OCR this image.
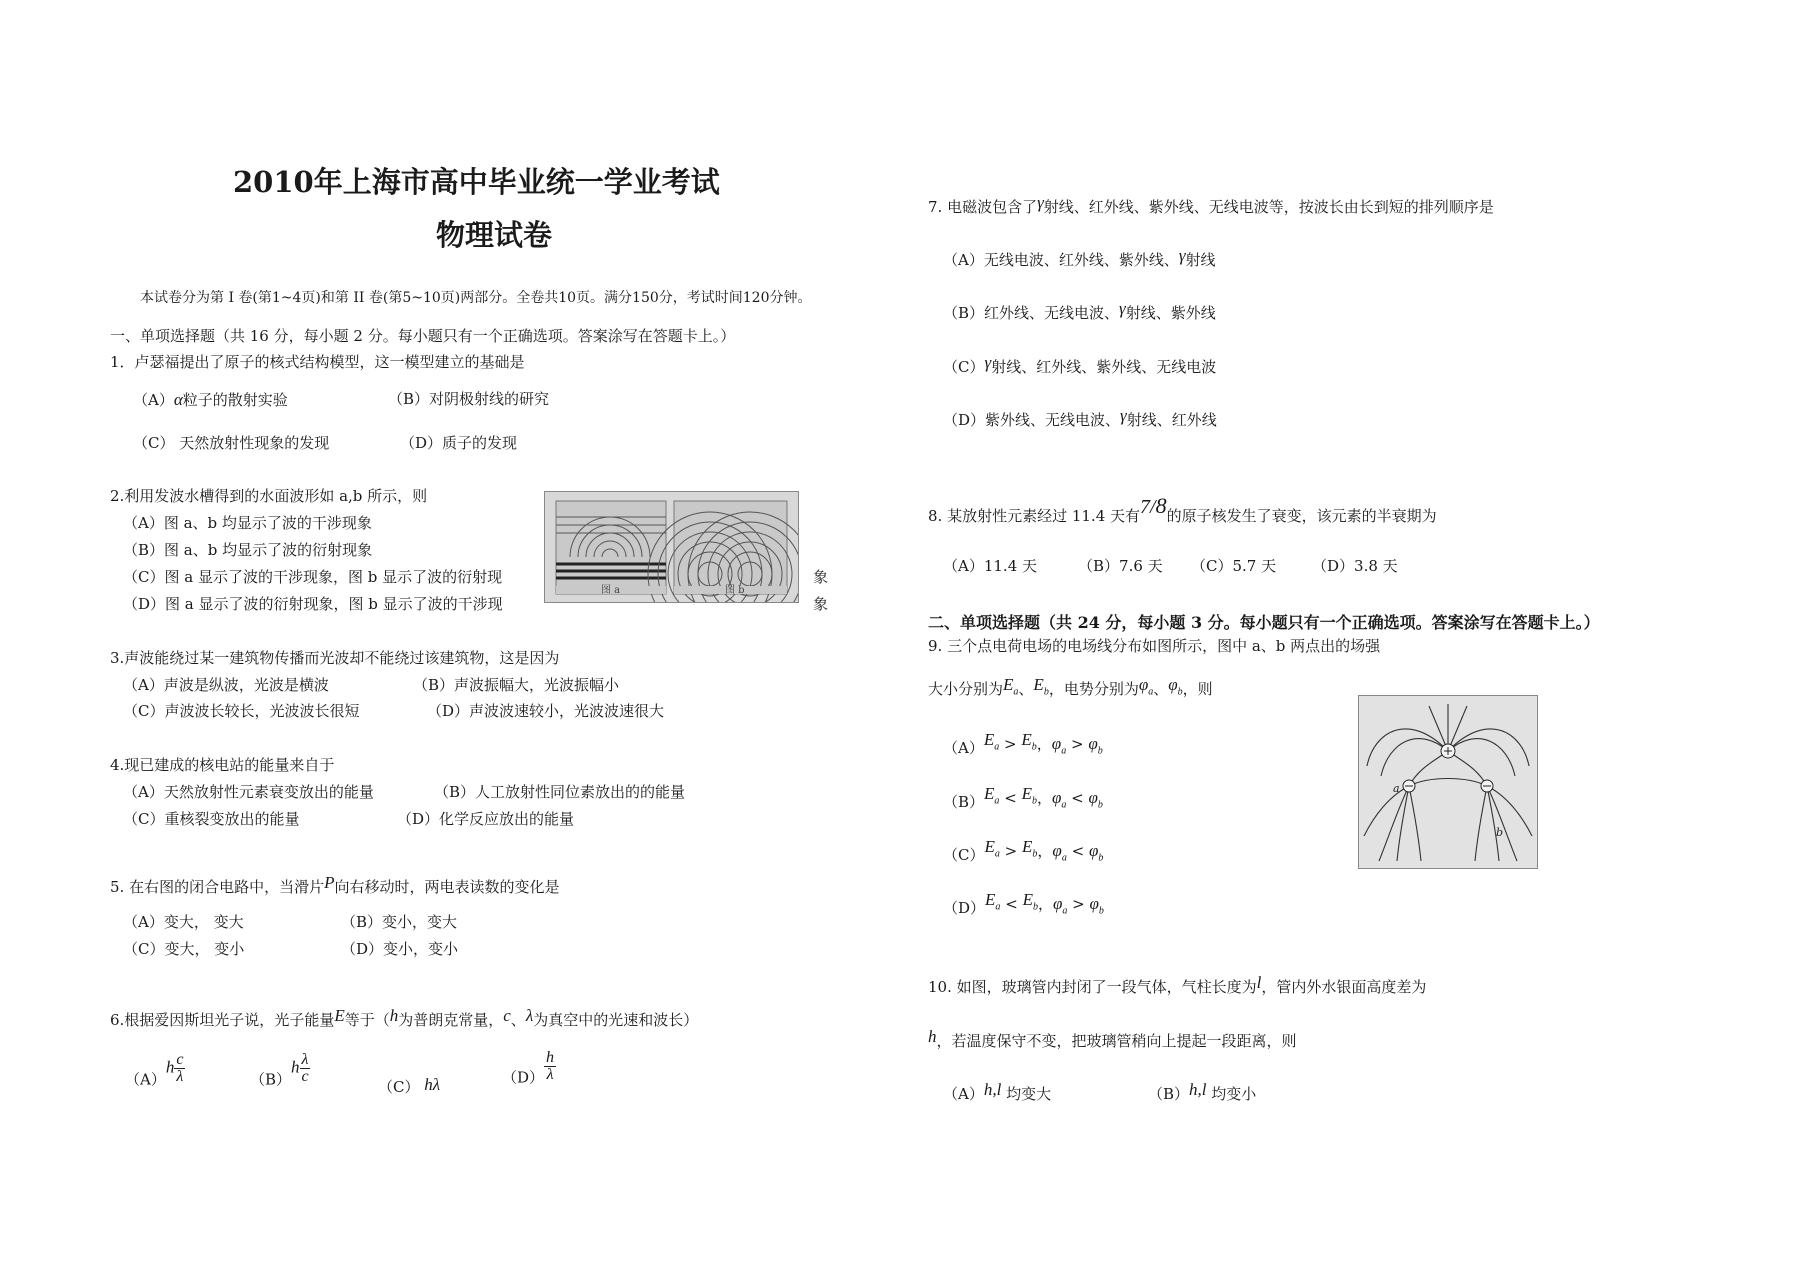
2010年上海市高中毕业统一学业考试
物理试卷
本试卷分为第 I 卷(第1~4页)和第 II 卷(第5~10页)两部分。全卷共10页。满分150分，考试时间120分钟。
一、单项选择题（共 16 分，每小题 2 分。每小题只有一个正确选项。答案涂写在答题卡上。）
1．卢瑟福提出了原子的核式结构模型，这一模型建立的基础是
（A）α粒子的散射实验	（B）对阴极射线的研究
（C） 天然放射性现象的发现	（D）质子的发现
2.利用发波水槽得到的水面波形如 a,b 所示，则
（A）图 a、b 均显示了波的干涉现象
（B）图 a、b 均显示了波的衍射现象
（C）图 a 显示了波的干涉现象，图 b 显示了波的衍射现	象
（D）图 a 显示了波的衍射现象，图 b 显示了波的干涉现	象
图 a	图 b
3.声波能绕过某一建筑物传播而光波却不能绕过该建筑物，这是因为
（A）声波是纵波，光波是横波	（B）声波振幅大，光波振幅小
（C）声波波长较长，光波波长很短	（D）声波波速较小，光波波速很大
4.现已建成的核电站的能量来自于
（A）天然放射性元素衰变放出的能量	（B）人工放射性同位素放出的的能量
（C）重核裂变放出的能量	（D）化学反应放出的能量
5. 在右图的闭合电路中，当滑片P向右移动时，两电表读数的变化是
（A）变大， 变大	（B）变小，变大
（C）变大， 变小	（D）变小，变小
6.根据爱因斯坦光子说，光子能量E等于（h为普朗克常量，c、λ为真空中的光速和波长）
$(A)h \frac{c}{\lambda}$	$(B)h \frac{\lambda}{c}$
（C） hλ	$(D) \frac{h}{\lambda}$
7. 电磁波包含了γ射线、红外线、紫外线、无线电波等，按波长由长到短的排列顺序是
（A）无线电波、红外线、紫外线、γ射线
（B）红外线、无线电波、γ射线、紫外线
（C）γ射线、红外线、紫外线、无线电波
（D）紫外线、无线电波、γ射线、红外线
8. 某放射性元素经过 11.4 天有7/8的原子核发生了衰变，该元素的半衰期为
（A）11.4 天	（B）7.6 天 （C）5.7 天 （D）3.8 天
二、单项选择题（共 24 分，每小题 3 分。每小题只有一个正确选项。答案涂写在答题卡上。）
9. 三个点电荷电场的电场线分布如图所示，图中 a、b 两点出的场强
大小分别为$E_a$、$E_b$，电势分别为$\varphi_a$、$\varphi_b$，则
$(A)E_a > E_b$，$\varphi_a > \varphi_b$
$(B)E_a < E_b$，$\varphi_a < \varphi_b$
$(C)E_a > E_b$，$\varphi_a < \varphi_b$
$(D)E_a < E_b$，$\varphi_a > \varphi_b$
a
b
10. 如图，玻璃管内封闭了一段气体，气柱长度为l，管内外水银面高度差为
h，若温度保守不变，把玻璃管稍向上提起一段距离，则
（A）h,l 均变大	（B）h,l 均变小
